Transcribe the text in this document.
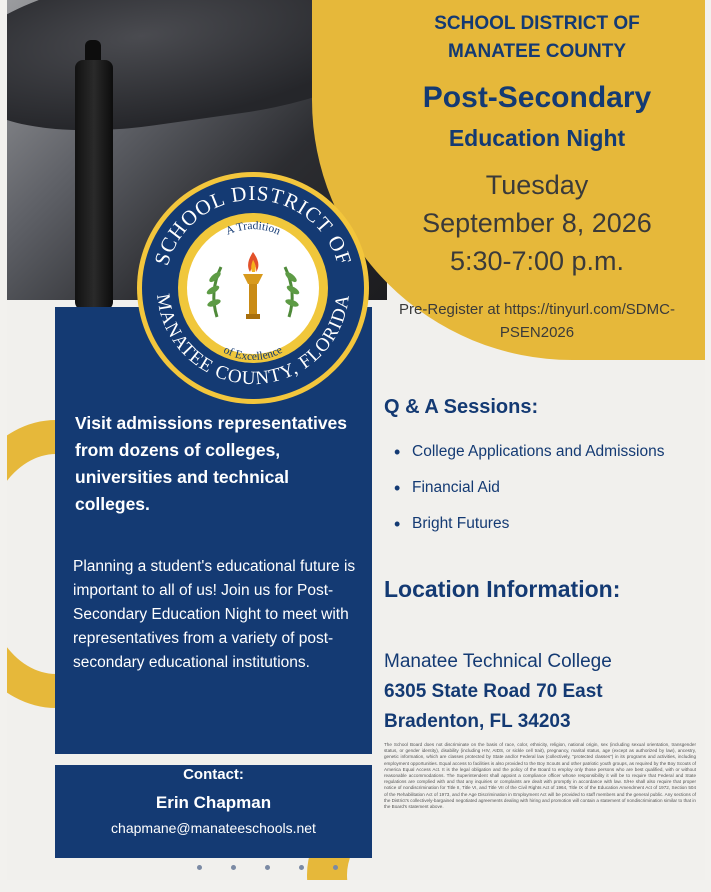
SCHOOL DISTRICT OF
MANATEE COUNTY, FLORIDA
A Tradition
of Excellence

SCHOOL DISTRICT OF MANATEE COUNTY

Post-Secondary

Education Night

Tuesday
September 8, 2026
5:30-7:00 p.m.

Pre-Register at https://tinyurl.com/SDMC-PSEN2026

Q & A Sessions:

• College Applications and Admissions
• Financial Aid
• Bright Futures

Location Information:

Manatee Technical College
6305 State Road 70 East
Bradenton, FL 34203

The School Board does not discriminate on the basis of race, color, ethnicity, religion, national origin, sex (including sexual orientation, transgender status, or gender identity), disability (including HIV, AIDS, or sickle cell trait), pregnancy, marital status, age (except as authorized by law), ancestry, genetic information, which are classes protected by State and/or Federal law (collectively, "protected classes") in its programs and activities, including employment opportunities. Equal access to facilities is also provided to the Boy Scouts and other patriotic youth groups, as required by the Boy Scouts of America Equal Access Act. It is the legal obligation and the policy of the Board to employ only those persons who are best qualified, with or without reasonable accommodations. The Superintendent shall appoint a compliance officer whose responsibility it will be to require that Federal and State regulations are complied with and that any inquiries or complaints are dealt with promptly in accordance with law. S/He shall also require that proper notice of nondiscrimination for Title II, Title VI, and Title VII of the Civil Rights Act of 1964, Title IX of the Education Amendment Act of 1972, Section 504 of the Rehabilitation Act of 1973, and the Age Discrimination in Employment Act will be provided to staff members and the general public. Any sections of the District's collectively-bargained negotiated agreements dealing with hiring and promotion will contain a statement of nondiscrimination similar to that in the Board's statement above.

Visit admissions representatives from dozens of colleges, universities and technical colleges.

Planning a student's educational future is important to all of us! Join us for Post-Secondary Education Night to meet with representatives from a variety of post-secondary educational institutions.

Contact:

Erin Chapman

chapmane@manateeschools.net
